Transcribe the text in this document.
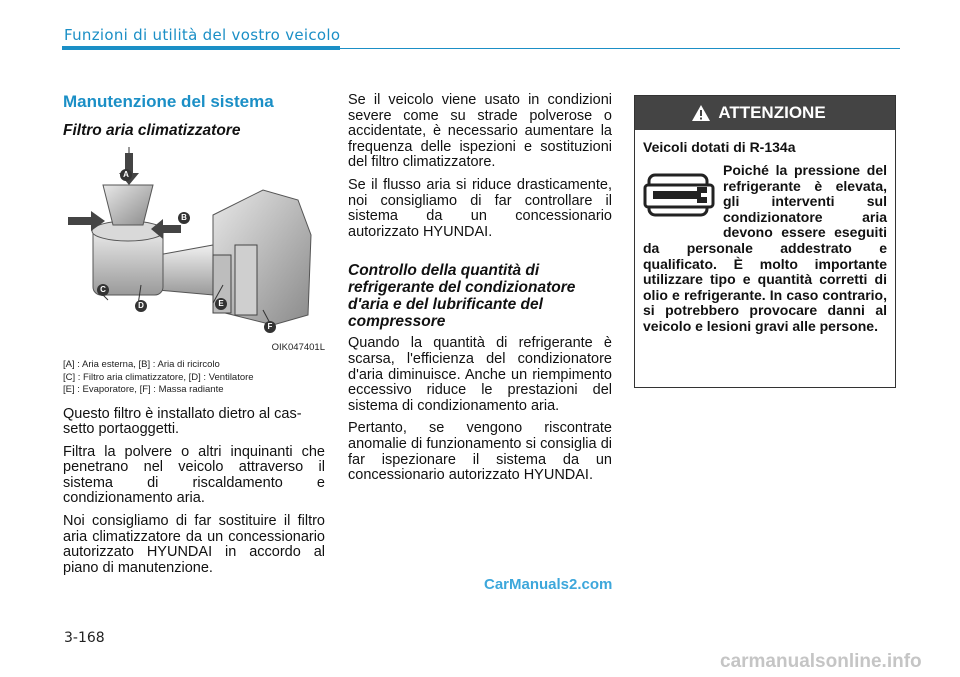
Funzioni di utilità del vostro veicolo
Manutenzione del sistema
Filtro aria climatizzatore
A
B
C
D	E
F
OIK047401L
[A] : Aria esterna, [B] : Aria di ricircolo
[C] : Filtro aria climatizzatore, [D] : Ventilatore
[E] : Evaporatore, [F] : Massa radiante

Questo filtro è installato dietro al cas-setto portaoggetti.

Filtra la polvere o altri inquinanti che penetrano nel veicolo attraverso il sistema di riscaldamento e condizionamento aria.

Noi consigliamo di far sostituire il filtro aria climatizzatore da un concessionario autorizzato HYUNDAI in accordo al piano di manutenzione.

Se il veicolo viene usato in condizioni severe come su strade polverose o accidentate, è necessario aumentare la frequenza delle ispezioni e sostituzioni del filtro climatizzatore.

Se il flusso aria si riduce drasticamente, noi consigliamo di far controllare il sistema da un concessionario autorizzato HYUNDAI.

Controllo della quantità di refrigerante del condizionatore d'aria e del lubrificante del compressore

Quando la quantità di refrigerante è scarsa, l'efficienza del condizionatore d'aria diminuisce. Anche un riempimento eccessivo riduce le prestazioni del sistema di condizionamento aria.

Pertanto, se vengono riscontrate anomalie di funzionamento si consiglia di far ispezionare il sistema da un concessionario autorizzato HYUNDAI.

ATTENZIONE
Veicoli dotati di R-134a

Poiché la pressione del refrigerante è elevata, gli interventi sul condizionatore aria devono essere eseguiti da personale addestrato e qualificato. È molto importante utilizzare tipo e quantità corretti di olio e refrigerante. In caso contrario, si potrebbero provocare danni al veicolo e lesioni gravi alle persone.

CarManuals2.com
3-168
carmanualsonline.info
